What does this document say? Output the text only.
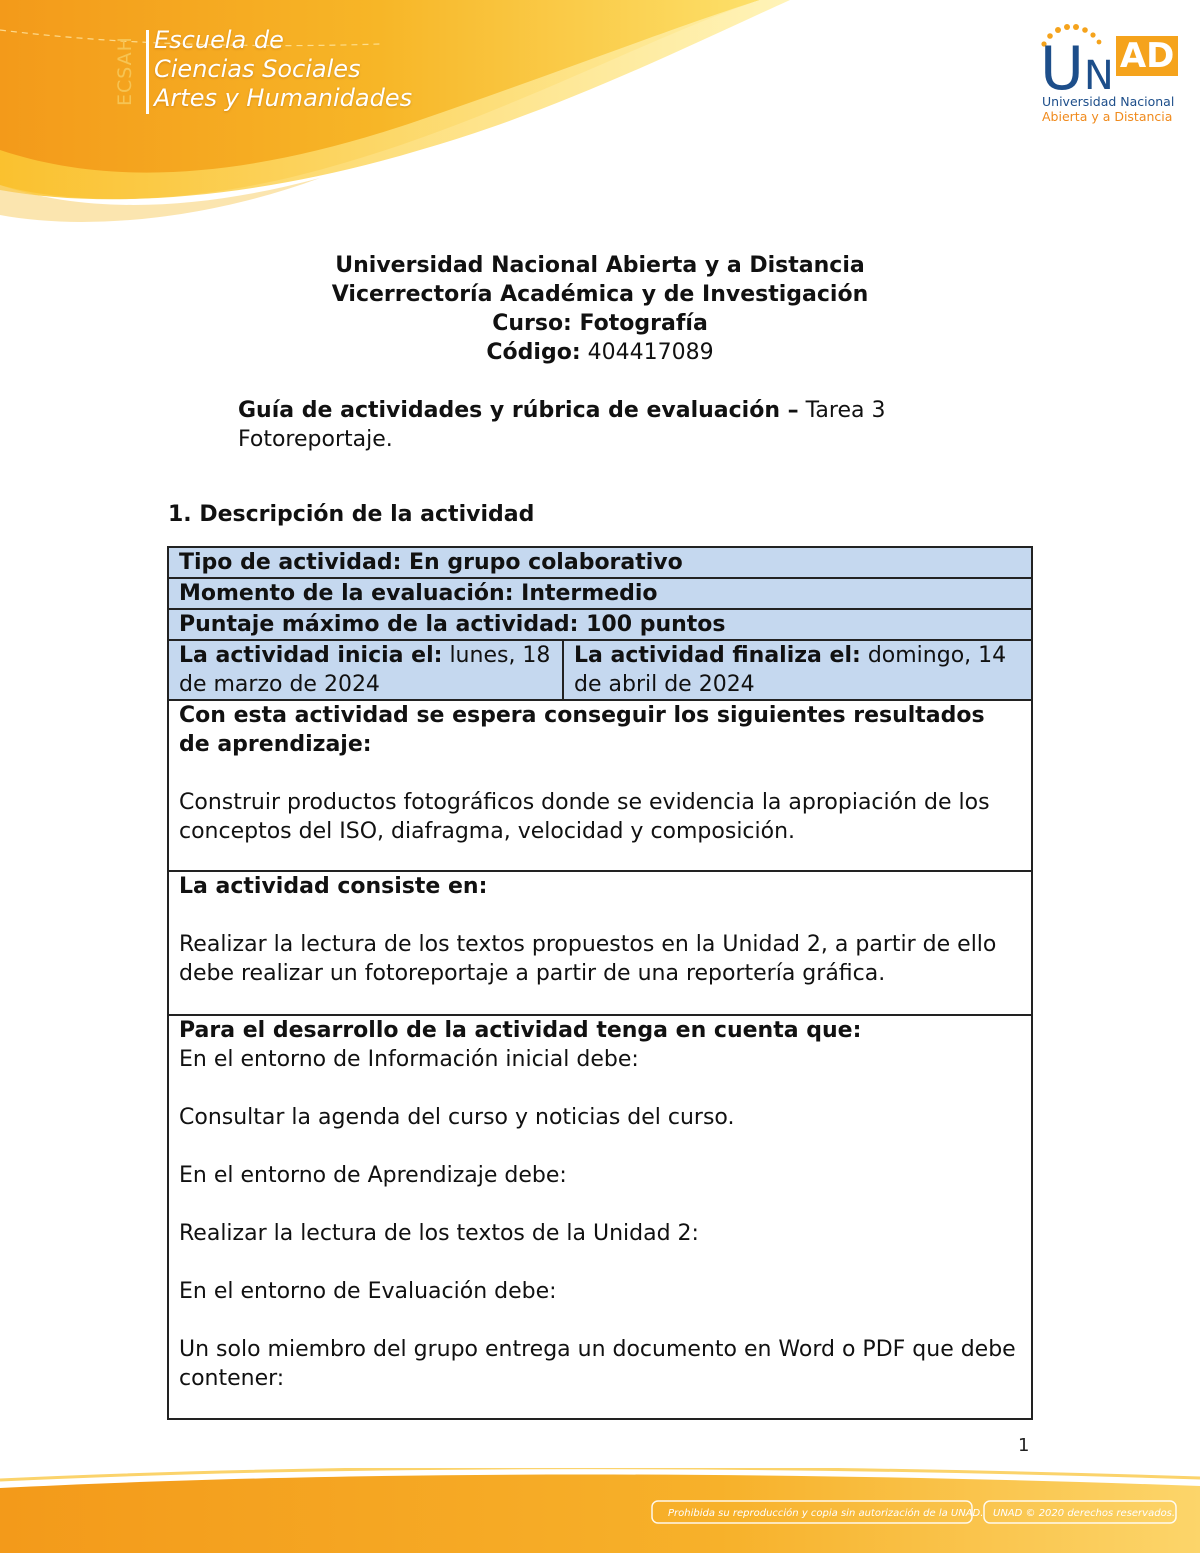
ECSAH Escuela de
Ciencias Sociales
Artes y Humanidades	UN AD
Universidad Nacional
Abierta y a Distancia
Universidad Nacional Abierta y a Distancia
Vicerrectoría Académica y de Investigación
Curso: Fotografía
Código: 404417089
Guía de actividades y rúbrica de evaluación – Tarea 3 Fotoreportaje.
1. Descripción de la actividad
Tipo de actividad: En grupo colaborativo
Momento de la evaluación: Intermedio
Puntaje máximo de la actividad: 100 puntos
La actividad inicia el: lunes, 18 de marzo de 2024
La actividad finaliza el: domingo, 14 de abril de 2024
Con esta actividad se espera conseguir los siguientes resultados de aprendizaje:
Construir productos fotográficos donde se evidencia la apropiación de los conceptos del ISO, diafragma, velocidad y composición.
La actividad consiste en:
Realizar la lectura de los textos propuestos en la Unidad 2, a partir de ello debe realizar un fotoreportaje a partir de una reportería gráfica.
Para el desarrollo de la actividad tenga en cuenta que:
En el entorno de Información inicial debe:
Consultar la agenda del curso y noticias del curso.
En el entorno de Aprendizaje debe:
Realizar la lectura de los textos de la Unidad 2:
En el entorno de Evaluación debe:
Un solo miembro del grupo entrega un documento en Word o PDF que debe contener:
1
Prohibida su reproducción y copia sin autorización de la UNAD. UNAD © 2020 derechos reservados.
